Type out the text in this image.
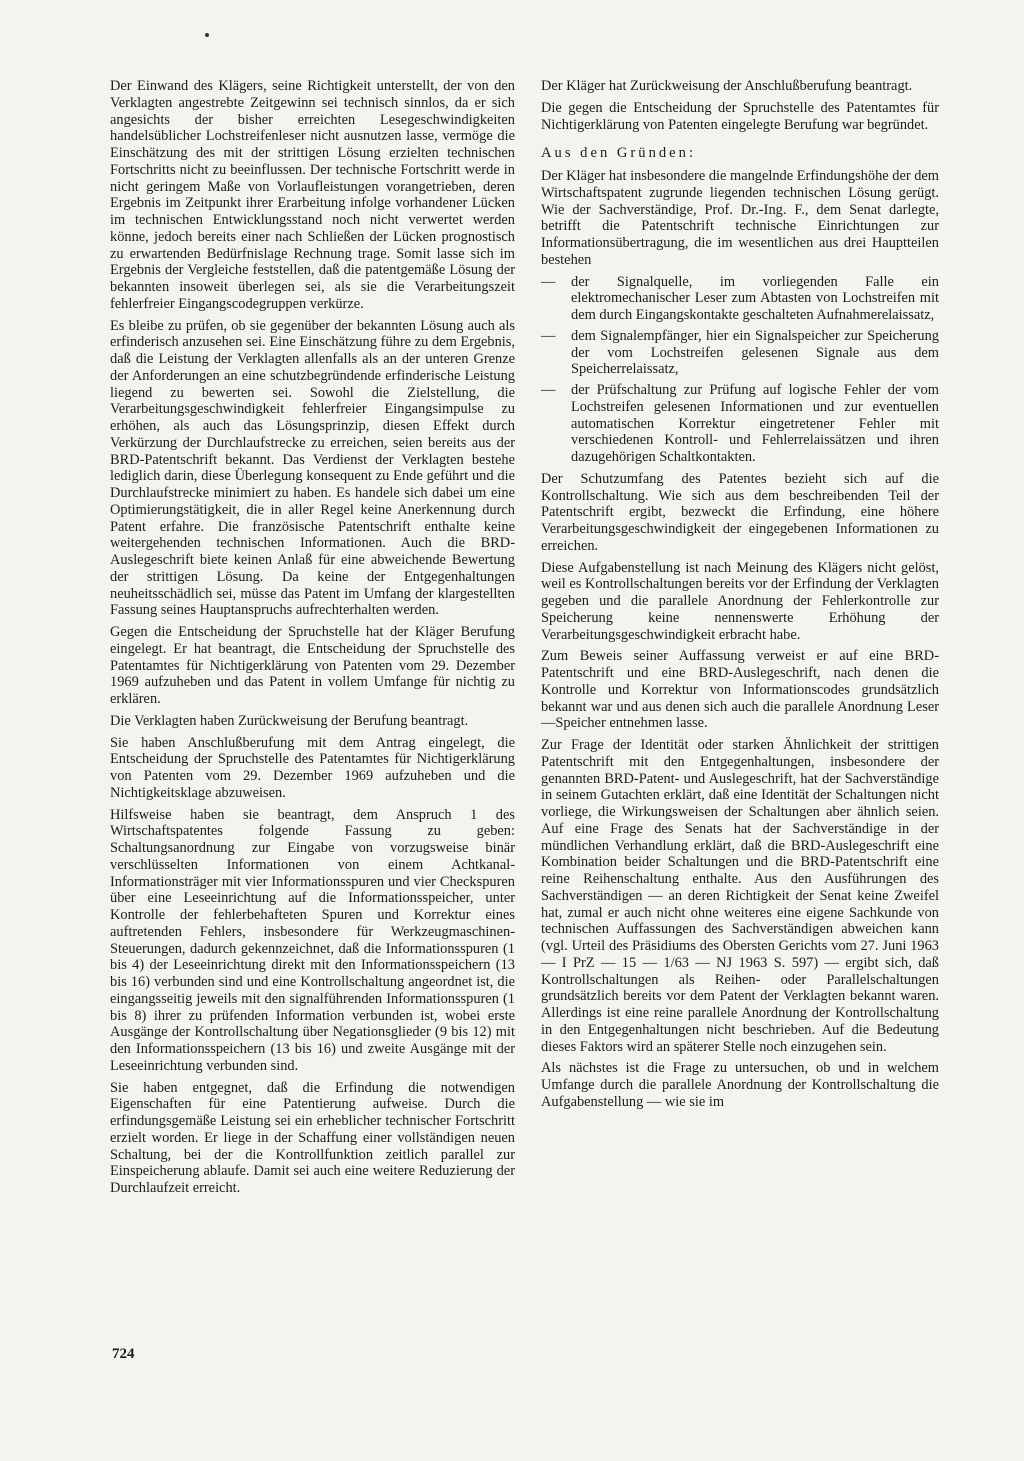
Der Einwand des Klägers, seine Richtigkeit unterstellt, der von den Verklagten angestrebte Zeitgewinn sei technisch sinnlos, da er sich angesichts der bisher erreichten Lesegeschwindigkeiten handelsüblicher Lochstreifenleser nicht ausnutzen lasse, vermöge die Einschätzung des mit der strittigen Lösung erzielten technischen Fortschritts nicht zu beeinflussen. Der technische Fortschritt werde in nicht geringem Maße von Vorlaufleistungen vorangetrieben, deren Ergebnis im Zeitpunkt ihrer Erarbeitung infolge vorhandener Lücken im technischen Entwicklungsstand noch nicht verwertet werden könne, jedoch bereits einer nach Schließen der Lücken prognostisch zu erwartenden Bedürfnislage Rechnung trage. Somit lasse sich im Ergebnis der Vergleiche feststellen, daß die patentgemäße Lösung der bekannten insoweit überlegen sei, als sie die Verarbeitungszeit fehlerfreier Eingangscodegruppen verkürze.

Es bleibe zu prüfen, ob sie gegenüber der bekannten Lösung auch als erfinderisch anzusehen sei. Eine Einschätzung führe zu dem Ergebnis, daß die Leistung der Verklagten allenfalls als an der unteren Grenze der Anforderungen an eine schutzbegründende erfinderische Leistung liegend zu bewerten sei. Sowohl die Zielstellung, die Verarbeitungsgeschwindigkeit fehlerfreier Eingangsimpulse zu erhöhen, als auch das Lösungsprinzip, diesen Effekt durch Verkürzung der Durchlaufstrecke zu erreichen, seien bereits aus der BRD-Patentschrift bekannt. Das Verdienst der Verklagten bestehe lediglich darin, diese Überlegung konsequent zu Ende geführt und die Durchlaufstrecke minimiert zu haben. Es handele sich dabei um eine Optimierungstätigkeit, die in aller Regel keine Anerkennung durch Patent erfahre. Die französische Patentschrift enthalte keine weitergehenden technischen Informationen. Auch die BRD-Auslegeschrift biete keinen Anlaß für eine abweichende Bewertung der strittigen Lösung. Da keine der Entgegenhaltungen neuheitsschädlich sei, müsse das Patent im Umfang der klargestellten Fassung seines Hauptanspruchs aufrechterhalten werden.

Gegen die Entscheidung der Spruchstelle hat der Kläger Berufung eingelegt. Er hat beantragt, die Entscheidung der Spruchstelle des Patentamtes für Nichtigerklärung von Patenten vom 29. Dezember 1969 aufzuheben und das Patent in vollem Umfange für nichtig zu erklären.

Die Verklagten haben Zurückweisung der Berufung beantragt.

Sie haben Anschlußberufung mit dem Antrag eingelegt, die Entscheidung der Spruchstelle des Patentamtes für Nichtigerklärung von Patenten vom 29. Dezember 1969 aufzuheben und die Nichtigkeitsklage abzuweisen.

Hilfsweise haben sie beantragt, dem Anspruch 1 des Wirtschaftspatentes folgende Fassung zu geben: Schaltungsanordnung zur Eingabe von vorzugsweise binär verschlüsselten Informationen von einem Achtkanal-Informationsträger mit vier Informationsspuren und vier Checkspuren über eine Leseeinrichtung auf die Informationsspeicher, unter Kontrolle der fehlerbehafteten Spuren und Korrektur eines auftretenden Fehlers, insbesondere für Werkzeugmaschinen-Steuerungen, dadurch gekennzeichnet, daß die Informationsspuren (1 bis 4) der Leseeinrichtung direkt mit den Informationsspeichern (13 bis 16) verbunden sind und eine Kontrollschaltung angeordnet ist, die eingangsseitig jeweils mit den signalführenden Informationsspuren (1 bis 8) ihrer zu prüfenden Information verbunden ist, wobei erste Ausgänge der Kontrollschaltung über Negationsglieder (9 bis 12) mit den Informationsspeichern (13 bis 16) und zweite Ausgänge mit der Leseeinrichtung verbunden sind.

Sie haben entgegnet, daß die Erfindung die notwendigen Eigenschaften für eine Patentierung aufweise. Durch die erfindungsgemäße Leistung sei ein erheblicher technischer Fortschritt erzielt worden. Er liege in der Schaffung einer vollständigen neuen Schaltung, bei der die Kontrollfunktion zeitlich parallel zur Einspeicherung ablaufe. Damit sei auch eine weitere Reduzierung der Durchlaufzeit erreicht.

Der Kläger hat Zurückweisung der Anschlußberufung beantragt.

Die gegen die Entscheidung der Spruchstelle des Patentamtes für Nichtigerklärung von Patenten eingelegte Berufung war begründet.

Aus den Gründen:

Der Kläger hat insbesondere die mangelnde Erfindungshöhe der dem Wirtschaftspatent zugrunde liegenden technischen Lösung gerügt. Wie der Sachverständige, Prof. Dr.-Ing. F., dem Senat darlegte, betrifft die Patentschrift technische Einrichtungen zur Informationsübertragung, die im wesentlichen aus drei Hauptteilen bestehen

— der Signalquelle, im vorliegenden Falle ein elektromechanischer Leser zum Abtasten von Lochstreifen mit dem durch Eingangskontakte geschalteten Aufnahmerelaissatz,
— dem Signalempfänger, hier ein Signalspeicher zur Speicherung der vom Lochstreifen gelesenen Signale aus dem Speicherrelaissatz,
— der Prüfschaltung zur Prüfung auf logische Fehler der vom Lochstreifen gelesenen Informationen und zur eventuellen automatischen Korrektur eingetretener Fehler mit verschiedenen Kontroll- und Fehlerrelaissätzen und ihren dazugehörigen Schaltkontakten.

Der Schutzumfang des Patentes bezieht sich auf die Kontrollschaltung. Wie sich aus dem beschreibenden Teil der Patentschrift ergibt, bezweckt die Erfindung, eine höhere Verarbeitungsgeschwindigkeit der eingegebenen Informationen zu erreichen.

Diese Aufgabenstellung ist nach Meinung des Klägers nicht gelöst, weil es Kontrollschaltungen bereits vor der Erfindung der Verklagten gegeben und die parallele Anordnung der Fehlerkontrolle zur Speicherung keine nennenswerte Erhöhung der Verarbeitungsgeschwindigkeit erbracht habe.

Zum Beweis seiner Auffassung verweist er auf eine BRD-Patentschrift und eine BRD-Auslegeschrift, nach denen die Kontrolle und Korrektur von Informationscodes grundsätzlich bekannt war und aus denen sich auch die parallele Anordnung Leser—Speicher entnehmen lasse.

Zur Frage der Identität oder starken Ähnlichkeit der strittigen Patentschrift mit den Entgegenhaltungen, insbesondere der genannten BRD-Patent- und Auslegeschrift, hat der Sachverständige in seinem Gutachten erklärt, daß eine Identität der Schaltungen nicht vorliege, die Wirkungsweisen der Schaltungen aber ähnlich seien. Auf eine Frage des Senats hat der Sachverständige in der mündlichen Verhandlung erklärt, daß die BRD-Auslegeschrift eine Kombination beider Schaltungen und die BRD-Patentschrift eine reine Reihenschaltung enthalte. Aus den Ausführungen des Sachverständigen — an deren Richtigkeit der Senat keine Zweifel hat, zumal er auch nicht ohne weiteres eine eigene Sachkunde von technischen Auffassungen des Sachverständigen abweichen kann (vgl. Urteil des Präsidiums des Obersten Gerichts vom 27. Juni 1963 — I PrZ — 15 — 1/63 — NJ 1963 S. 597) — ergibt sich, daß Kontrollschaltungen als Reihen- oder Parallelschaltungen grundsätzlich bereits vor dem Patent der Verklagten bekannt waren. Allerdings ist eine reine parallele Anordnung der Kontrollschaltung in den Entgegenhaltungen nicht beschrieben. Auf die Bedeutung dieses Faktors wird an späterer Stelle noch einzugehen sein.

Als nächstes ist die Frage zu untersuchen, ob und in welchem Umfange durch die parallele Anordnung der Kontrollschaltung die Aufgabenstellung — wie sie im

724
